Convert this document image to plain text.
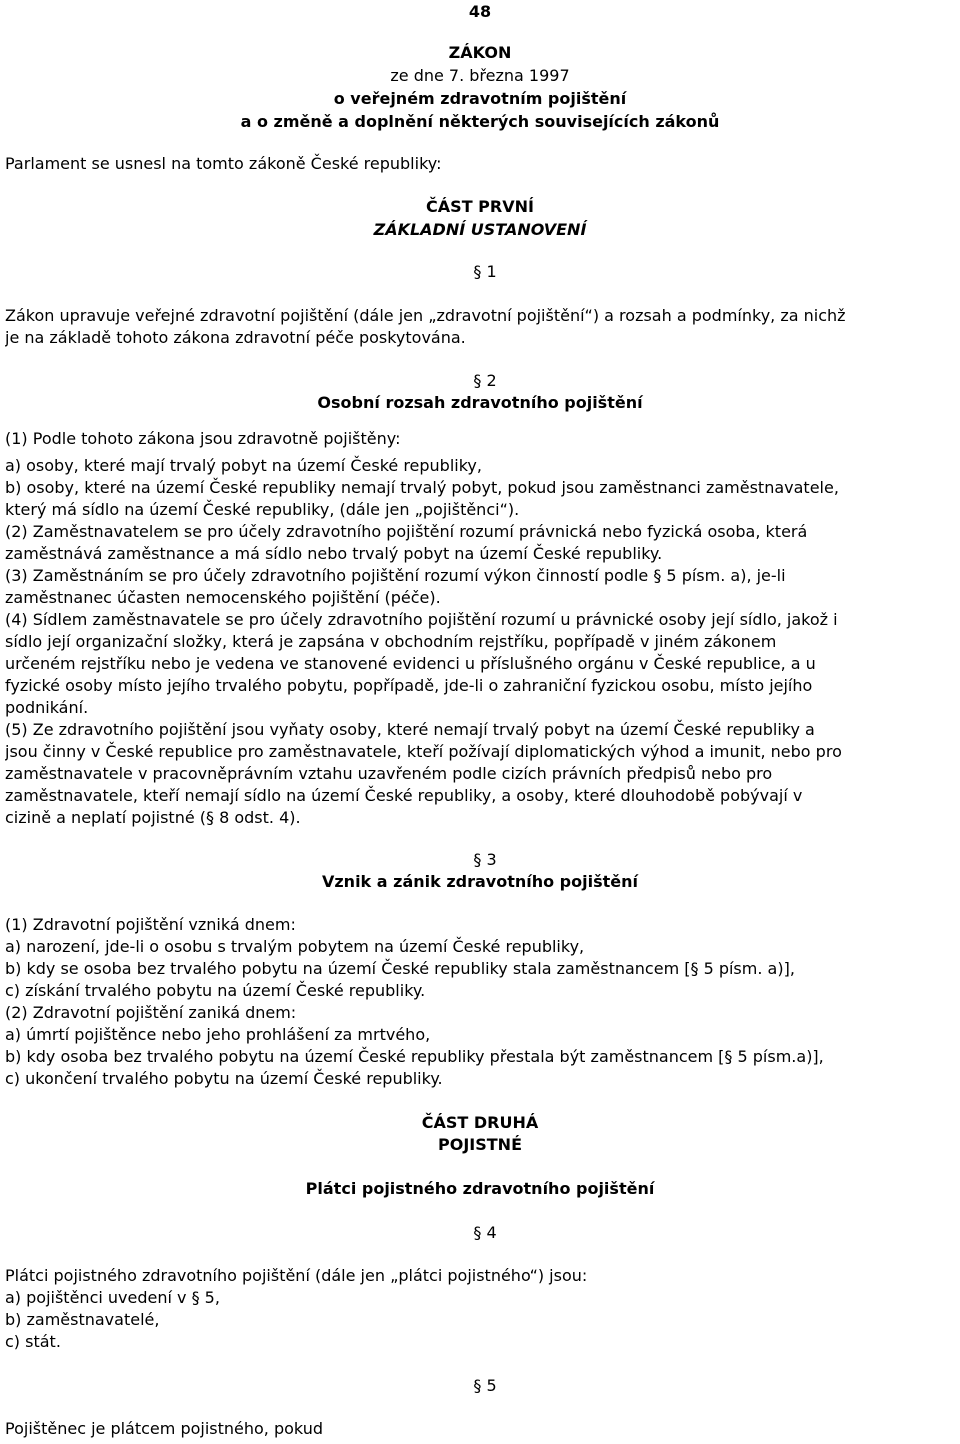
48
ZÁKON
ze dne 7. března 1997
o veřejném zdravotním pojištění
a o změně a doplnění některých souvisejících zákonů
Parlament se usnesl na tomto zákoně České republiky:
ČÁST PRVNÍ
ZÁKLADNÍ USTANOVENÍ
§ 1
Zákon upravuje veřejné zdravotní pojištění (dále jen „zdravotní pojištění“) a rozsah a podmínky, za nichž
je na základě tohoto zákona zdravotní péče poskytována.
§ 2
Osobní rozsah zdravotního pojištění
(1) Podle tohoto zákona jsou zdravotně pojištěny:
a) osoby, které mají trvalý pobyt na území České republiky,
b) osoby, které na území České republiky nemají trvalý pobyt, pokud jsou zaměstnanci zaměstnavatele,
který má sídlo na území České republiky, (dále jen „pojištěnci“).
(2) Zaměstnavatelem se pro účely zdravotního pojištění rozumí právnická nebo fyzická osoba, která
zaměstnává zaměstnance a má sídlo nebo trvalý pobyt na území České republiky.
(3) Zaměstnáním se pro účely zdravotního pojištění rozumí výkon činností podle § 5 písm. a), je-li
zaměstnanec účasten nemocenského pojištění (péče).
(4) Sídlem zaměstnavatele se pro účely zdravotního pojištění rozumí u právnické osoby její sídlo, jakož i
sídlo její organizační složky, která je zapsána v obchodním rejstříku, popřípadě v jiném zákonem
určeném rejstříku nebo je vedena ve stanovené evidenci u příslušného orgánu v České republice, a u
fyzické osoby místo jejího trvalého pobytu, popřípadě, jde-li o zahraniční fyzickou osobu, místo jejího
podnikání.
(5) Ze zdravotního pojištění jsou vyňaty osoby, které nemají trvalý pobyt na území České republiky a
jsou činny v České republice pro zaměstnavatele, kteří požívají diplomatických výhod a imunit, nebo pro
zaměstnavatele v pracovněprávním vztahu uzavřeném podle cizích právních předpisů nebo pro
zaměstnavatele, kteří nemají sídlo na území České republiky, a osoby, které dlouhodobě pobývají v
cizině a neplatí pojistné (§ 8 odst. 4).
§ 3
Vznik a zánik zdravotního pojištění
(1) Zdravotní pojištění vzniká dnem:
a) narození, jde-li o osobu s trvalým pobytem na území České republiky,
b) kdy se osoba bez trvalého pobytu na území České republiky stala zaměstnancem [§ 5 písm. a)],
c) získání trvalého pobytu na území České republiky.
(2) Zdravotní pojištění zaniká dnem:
a) úmrtí pojištěnce nebo jeho prohlášení za mrtvého,
b) kdy osoba bez trvalého pobytu na území České republiky přestala být zaměstnancem [§ 5 písm.a)],
c) ukončení trvalého pobytu na území České republiky.
ČÁST DRUHÁ
POJISTNÉ
Plátci pojistného zdravotního pojištění
§ 4
Plátci pojistného zdravotního pojištění (dále jen „plátci pojistného“) jsou:
a) pojištěnci uvedení v § 5,
b) zaměstnavatelé,
c) stát.
§ 5
Pojištěnec je plátcem pojistného, pokud
